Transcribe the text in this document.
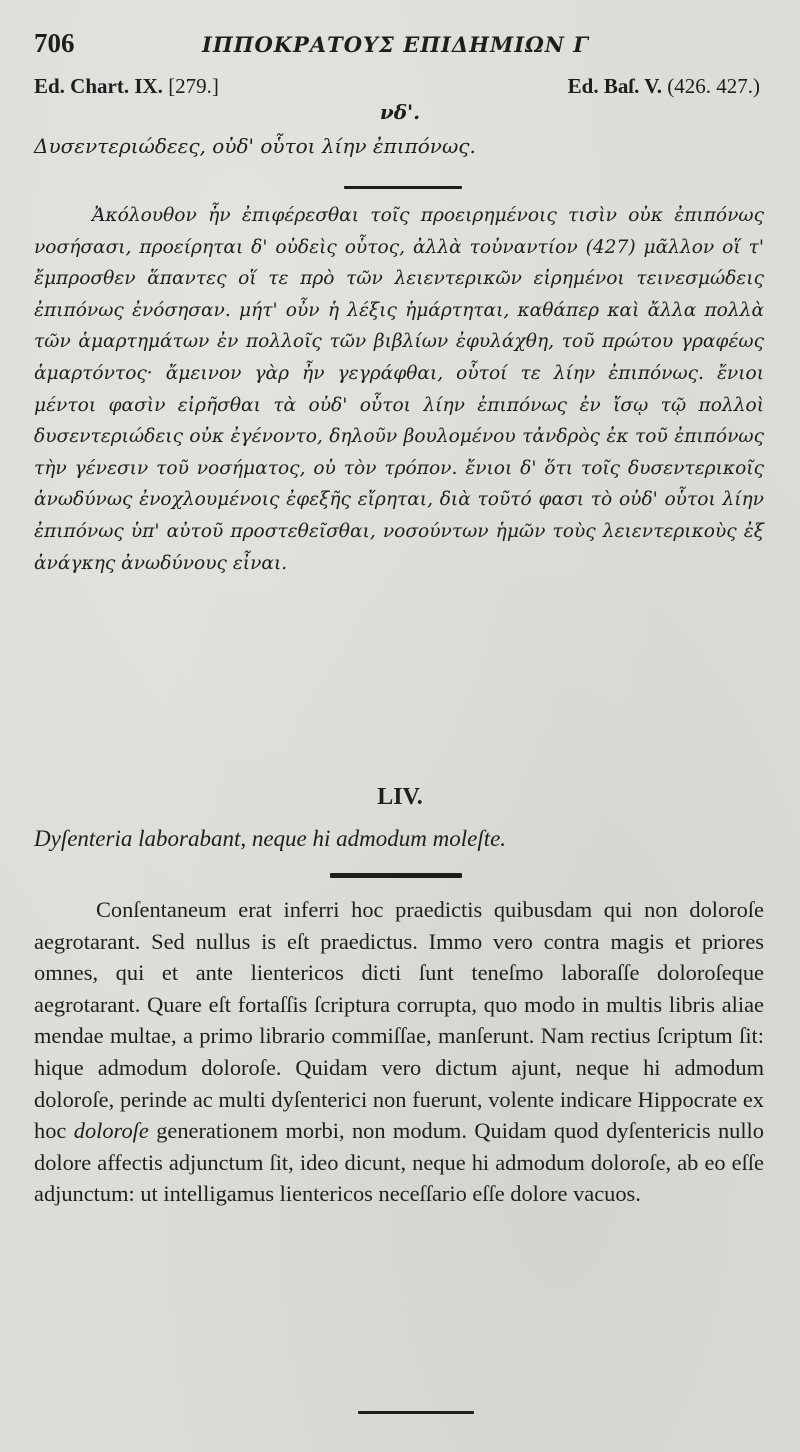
706	ΙΠΠΟΚΡΑΤΟΥΣ ΕΠΙΔΗΜΙΩΝ Γ
Ed. Chart. IX. [279.]	Ed. Baſ. V. (426. 427.)
νδ'.
Δυσεντεριώδεες, οὐδ' οὗτοι λίην ἐπιπόνως.

Ἀκόλουθον ἦν ἐπιφέρεσθαι τοῖς προειρημένοις τισὶν οὐκ ἐπιπόνως νοσήσασι, προείρηται δ' οὐδεὶς οὗτος, ἀλλὰ τοὐναντίον (427) μᾶλλον οἵ τ' ἔμπροσθεν ἅπαντες οἵ τε πρὸ τῶν λειεντερικῶν εἰρημένοι τεινεσμώδεις ἐπιπόνως ἐνόσησαν. μήτ' οὖν ἡ λέξις ἡμάρτηται, καθάπερ καὶ ἄλλα πολλὰ τῶν ἁμαρτημάτων ἐν πολλοῖς τῶν βιβλίων ἐφυλάχθη, τοῦ πρώτου γραφέως ἁμαρτόντος· ἄμεινον γὰρ ἦν γεγράφθαι, οὗτοί τε λίην ἐπιπόνως. ἔνιοι μέντοι φασὶν εἰρῆσθαι τὰ οὐδ' οὗτοι λίην ἐπιπόνως ἐν ἴσῳ τῷ πολλοὶ δυσεντεριώδεις οὐκ ἐγένοντο, δηλοῦν βουλομένου τἀνδρὸς ἐκ τοῦ ἐπιπόνως τὴν γένεσιν τοῦ νοσήματος, οὐ τὸν τρόπον. ἔνιοι δ' ὅτι τοῖς δυσεντερικοῖς ἀνωδύνως ἐνοχλουμένοις ἐφεξῆς εἴρηται, διὰ τοῦτό φασι τὸ οὐδ' οὗτοι λίην ἐπιπόνως ὑπ' αὐτοῦ προστεθεῖσθαι, νοσούντων ἡμῶν τοὺς λειεντερικοὺς ἐξ ἀνάγκης ἀνωδύνους εἶναι.

LIV.
Dyſenteria laborabant, neque hi admodum moleſte.

Conſentaneum erat inferri hoc praedictis quibusdam qui non doloroſe aegrotarant. Sed nullus is eſt praedictus. Immo vero contra magis et priores omnes, qui et ante lientericos dicti ſunt teneſmo laboraſſe doloroſeque aegrotarant. Quare eſt fortaſſis ſcriptura corrupta, quo modo in multis libris aliae mendae multae, a primo librario commiſſae, manſerunt. Nam rectius ſcriptum ſit: hique admodum doloroſe. Quidam vero dictum ajunt, neque hi admodum doloroſe, perinde ac multi dyſenterici non fuerunt, volente indicare Hippocrate ex hoc doloroſe generationem morbi, non modum. Quidam quod dyſentericis nullo dolore affectis adjunctum ſit, ideo dicunt, neque hi admodum doloroſe, ab eo eſſe adjunctum: ut intelligamus lientericos neceſſario eſſe dolore vacuos.
